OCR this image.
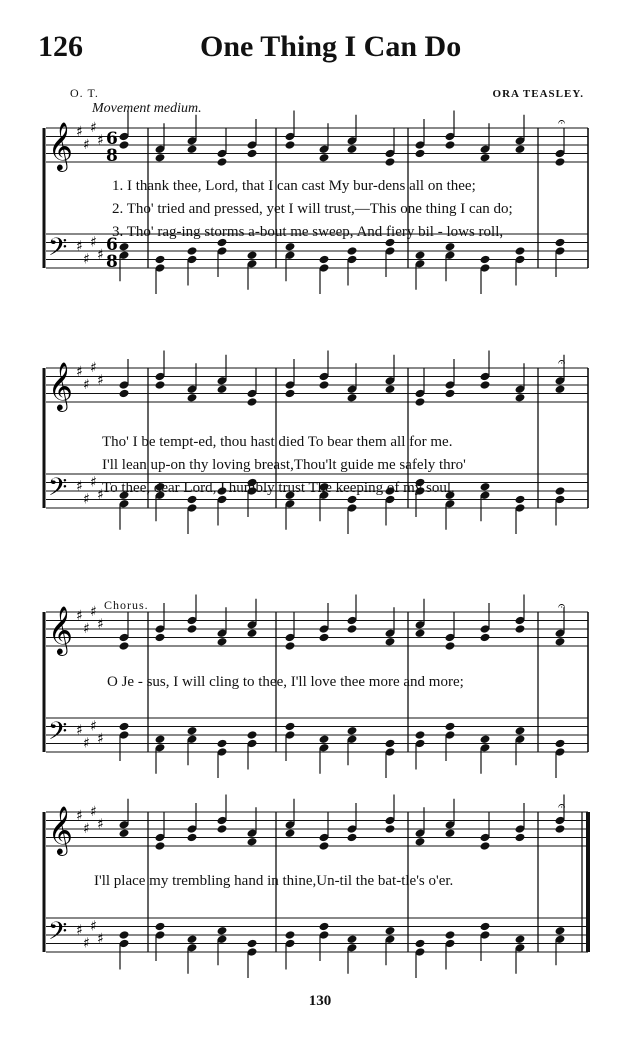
126	One Thing I Can Do
O. T.	ORA TEASLEY.
Movement medium.
𝄞 ♯
♯
♯
♯ 6
8
𝄢 ♯
♯
♯
♯ 6
8
𝄐
𝄞 ♯
♯
♯
♯
𝄢 ♯
♯
♯
♯
𝄐
𝄞 ♯
♯
♯
♯
𝄢 ♯
♯
♯
♯
𝄐
𝄞 ♯
♯
♯
♯
𝄢 ♯
♯
♯
♯
𝄐
1. I thank thee, Lord, that I can cast My bur-dens all on thee;
2. Tho' tried and pressed, yet I will trust,—This one thing I can do;
3. Tho' rag-ing storms a-bout me sweep, And fiery bil - lows roll,
Tho' I be tempt-ed, thou hast died To bear them all for me.
I'll lean up-on thy loving breast,Thou'lt guide me safely thro'
To thee, dear Lord, I humbly trust The keeping of my soul.
Chorus.
O Je - sus, I will cling to thee, I'll love thee more and more;
I'll place my trembling hand in thine,Un-til the bat-tle's o'er.
130
